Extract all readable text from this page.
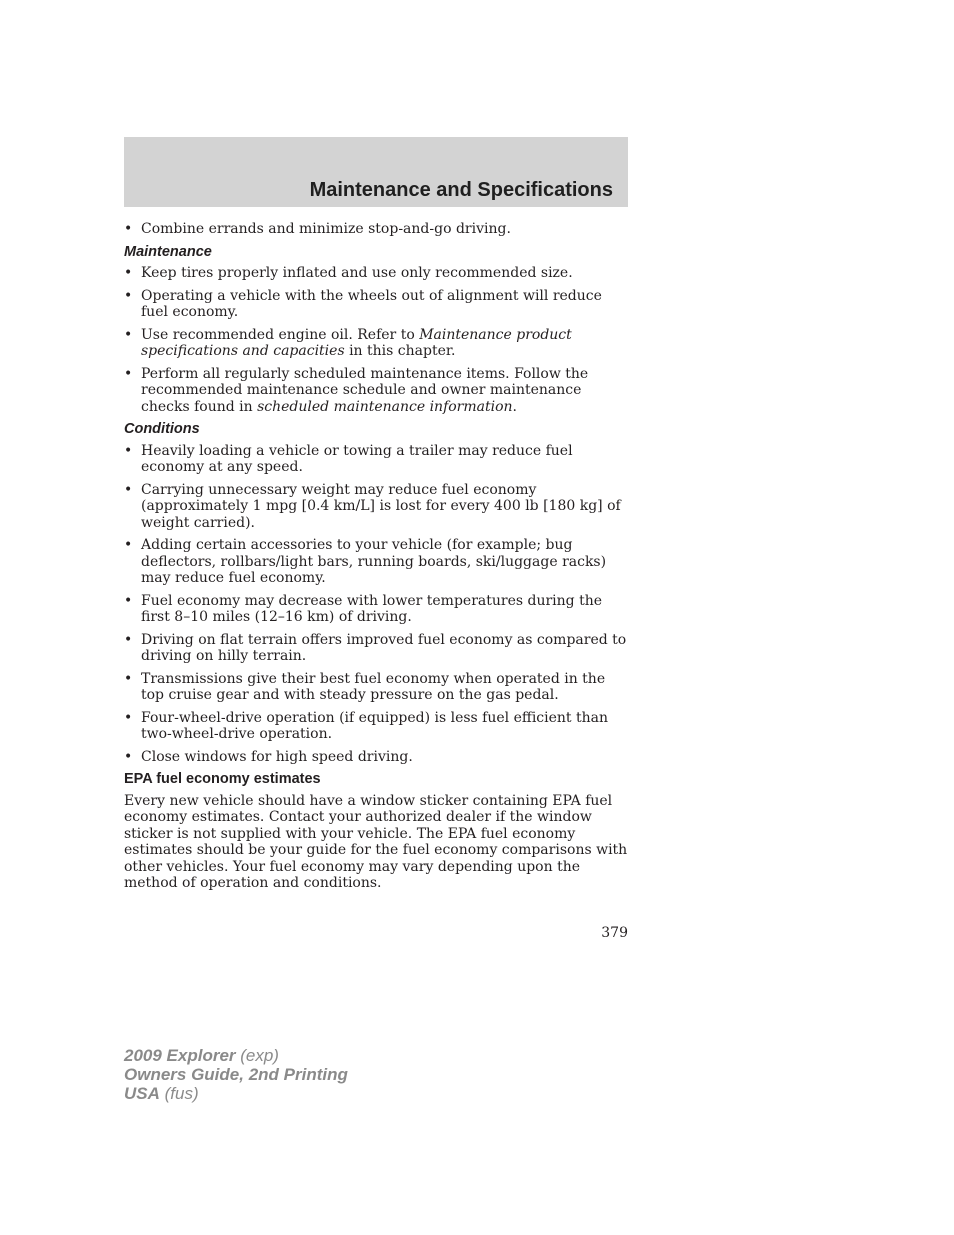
Maintenance and Specifications
• Combine errands and minimize stop-and-go driving.
Maintenance
• Keep tires properly inflated and use only recommended size.
• Operating a vehicle with the wheels out of alignment will reduce fuel economy.
• Use recommended engine oil. Refer to Maintenance product specifications and capacities in this chapter.
• Perform all regularly scheduled maintenance items. Follow the recommended maintenance schedule and owner maintenance checks found in scheduled maintenance information.
Conditions
• Heavily loading a vehicle or towing a trailer may reduce fuel economy at any speed.
• Carrying unnecessary weight may reduce fuel economy (approximately 1 mpg [0.4 km/L] is lost for every 400 lb [180 kg] of weight carried).
• Adding certain accessories to your vehicle (for example; bug deflectors, rollbars/light bars, running boards, ski/luggage racks) may reduce fuel economy.
• Fuel economy may decrease with lower temperatures during the first 8–10 miles (12–16 km) of driving.
• Driving on flat terrain offers improved fuel economy as compared to driving on hilly terrain.
• Transmissions give their best fuel economy when operated in the top cruise gear and with steady pressure on the gas pedal.
• Four-wheel-drive operation (if equipped) is less fuel efficient than two-wheel-drive operation.
• Close windows for high speed driving.
EPA fuel economy estimates

Every new vehicle should have a window sticker containing EPA fuel economy estimates. Contact your authorized dealer if the window sticker is not supplied with your vehicle. The EPA fuel economy estimates should be your guide for the fuel economy comparisons with other vehicles. Your fuel economy may vary depending upon the method of operation and conditions.

379
2009 Explorer (exp)
Owners Guide, 2nd Printing
USA (fus)
